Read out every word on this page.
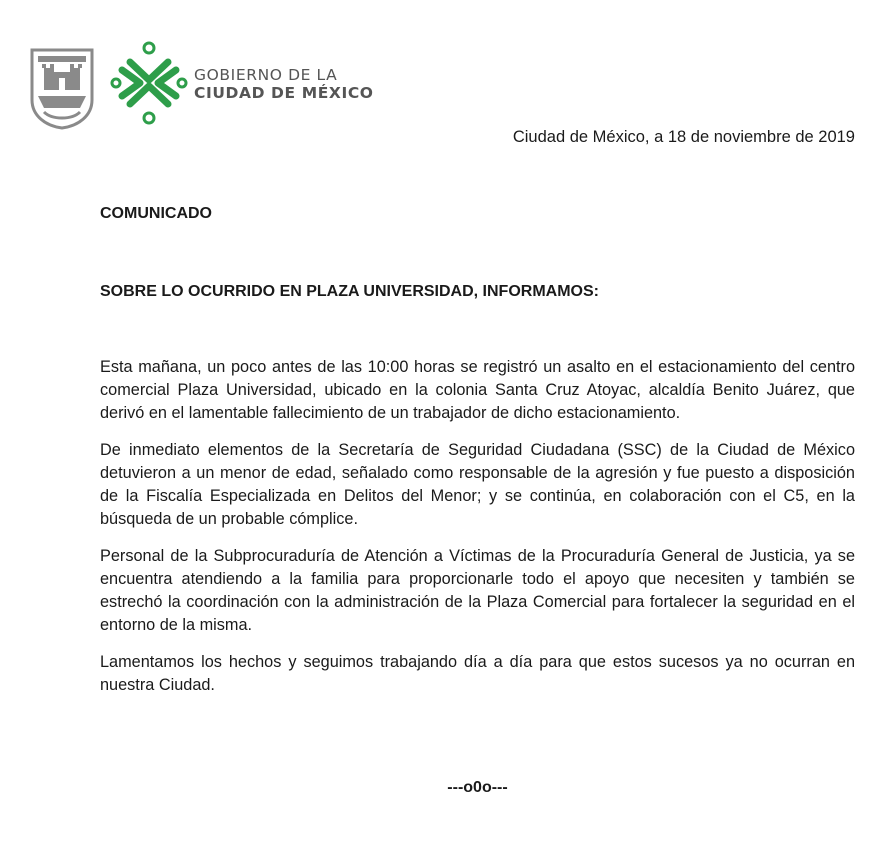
GOBIERNO DE LA
CIUDAD DE MÉXICO
Ciudad de México, a 18 de noviembre de 2019
COMUNICADO
SOBRE LO OCURRIDO EN PLAZA UNIVERSIDAD, INFORMAMOS:

Esta mañana, un poco antes de las 10:00 horas se registró un asalto en el estacionamiento del centro comercial Plaza Universidad, ubicado en la colonia Santa Cruz Atoyac, alcaldía Benito Juárez, que derivó en el lamentable fallecimiento de un trabajador de dicho estacionamiento.

De inmediato elementos de la Secretaría de Seguridad Ciudadana (SSC) de la Ciudad de México detuvieron a un menor de edad, señalado como responsable de la agresión y fue puesto a disposición de la Fiscalía Especializada en Delitos del Menor; y se continúa, en colaboración con el C5, en la búsqueda de un probable cómplice.

Personal de la Subprocuraduría de Atención a Víctimas de la Procuraduría General de Justicia, ya se encuentra atendiendo a la familia para proporcionarle todo el apoyo que necesiten y también se estrechó la coordinación con la administración de la Plaza Comercial para fortalecer la seguridad en el entorno de la misma.

Lamentamos los hechos y seguimos trabajando día a día para que estos sucesos ya no ocurran en nuestra Ciudad.

---o0o---
